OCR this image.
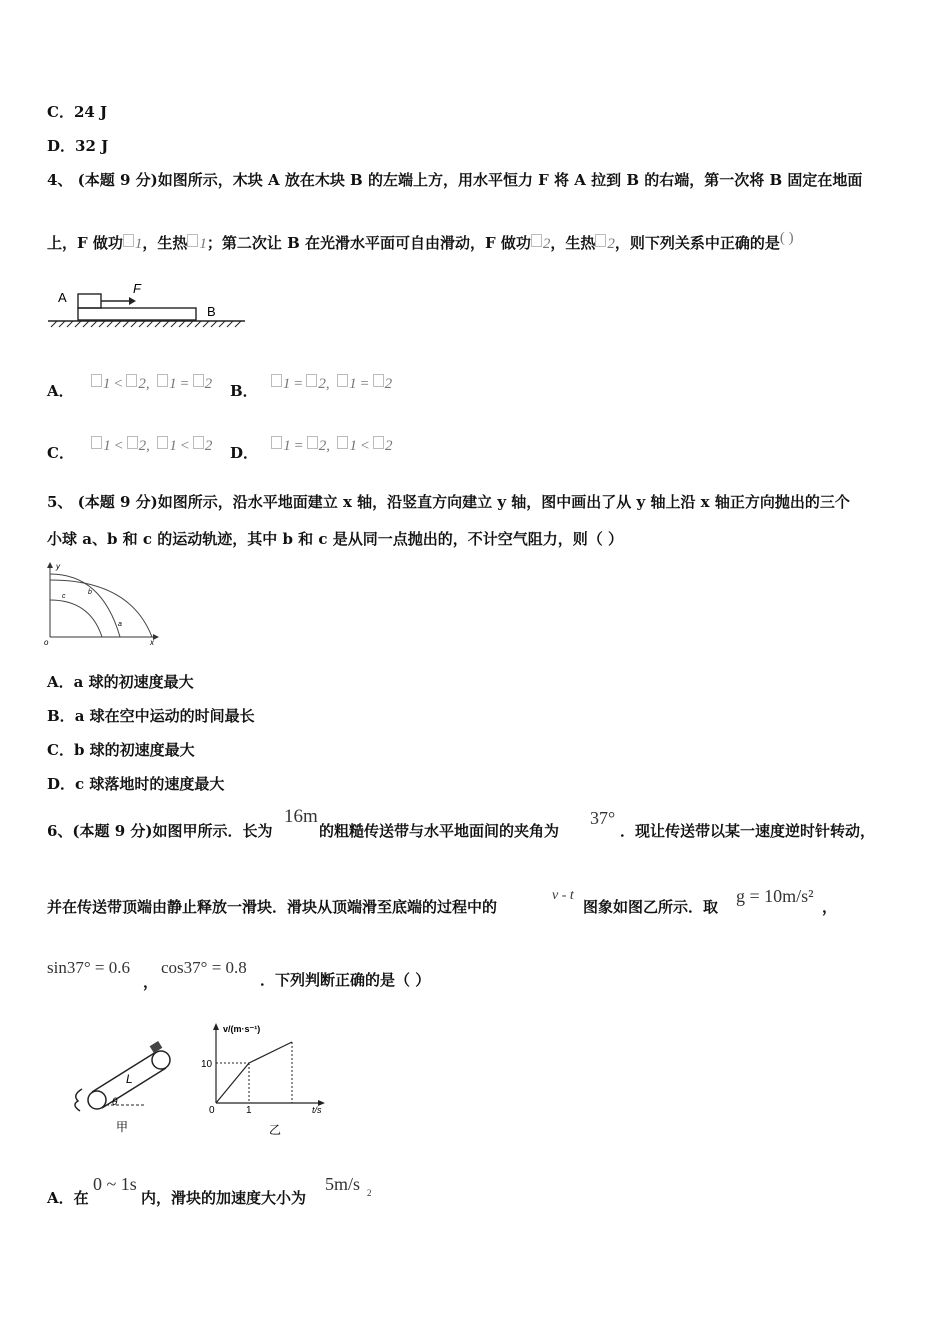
C．24 J
D．32 J
4、 (本题 9 分)如图所示，木块 A 放在木块 B 的左端上方，用水平恒力 F 将 A 拉到 B 的右端，第一次将 B 固定在地面
上，F 做功 1，生热 1；第二次让 B 在光滑水平面可自由滑动，F 做功 2，生热 2，则下列关系中正确的是( )
A
F
B
A． 1 < 2,  1 = 2 B． 1 = 2,  1 = 2
C． 1 < 2,  1 < 2 D． 1 = 2,  1 < 2
5、 (本题 9 分)如图所示，沿水平地面建立 x 轴，沿竖直方向建立 y 轴，图中画出了从 y 轴上沿 x 轴正方向抛出的三个
小球 a、b 和 c 的运动轨迹，其中 b 和 c 是从同一点抛出的，不计空气阻力，则（ ）
y
o	x
b
a
c
A．a 球的初速度最大
B．a 球在空中运动的时间最长
C．b 球的初速度最大
D．c 球落地时的速度最大
6、(本题 9 分)如图甲所示．长为
16m
的粗糙传送带与水平地面间的夹角为
37°
．现让传送带以某一速度逆时针转动，
并在传送带顶端由静止释放一滑块．滑块从顶端滑至底端的过程中的
v - t
图象如图乙所示．取
g = 10m/s²
，
sin37° = 0.6
，
cos37° = 0.8
．下列判断正确的是（ ）
L
θ
甲
v/(m·s⁻¹)
10
0	1	t/s
乙
A．在
0 ~ 1s
内，滑块的加速度大小为
5m/s 2
